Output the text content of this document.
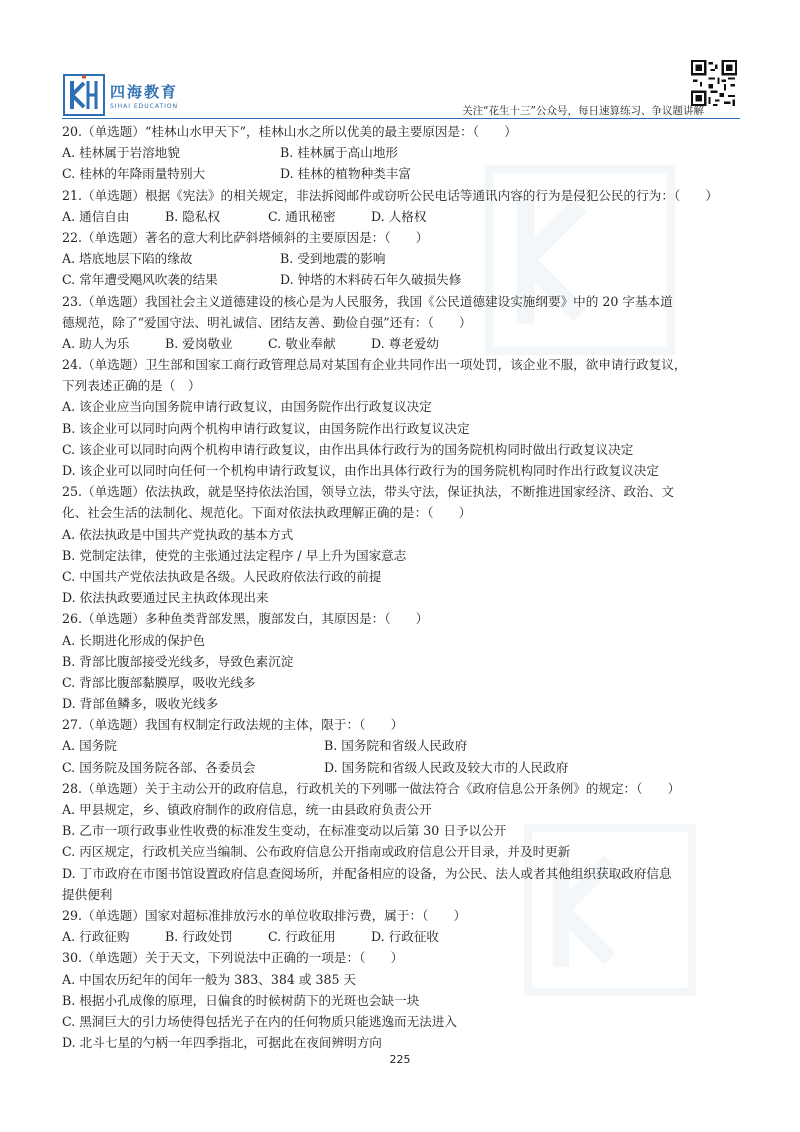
四海教育
SIHAI EDUCATION	关注“花生十三”公众号，每日速算练习、争议题讲解
20.（单选题）“桂林山水甲天下”，桂林山水之所以优美的最主要原因是：（　　）
A. 桂林属于岩溶地貌	B. 桂林属于高山地形
C. 桂林的年降雨量特别大	D. 桂林的植物种类丰富
21.（单选题）根据《宪法》的相关规定，非法拆阅邮件或窃听公民电话等通讯内容的行为是侵犯公民的行为：（　　）
A. 通信自由	B. 隐私权	C. 通讯秘密	D. 人格权
22.（单选题）著名的意大利比萨斜塔倾斜的主要原因是：（　　）
A. 塔底地层下陷的缘故	B. 受到地震的影响
C. 常年遭受飓风吹袭的结果	D. 钟塔的木料砖石年久破损失修
23.（单选题）我国社会主义道德建设的核心是为人民服务，我国《公民道德建设实施纲要》中的 20 字基本道
德规范，除了“爱国守法、明礼诚信、团结友善、勤俭自强”还有：（　　）
A. 助人为乐	B. 爱岗敬业	C. 敬业奉献	D. 尊老爱幼
24.（单选题）卫生部和国家工商行政管理总局对某国有企业共同作出一项处罚，该企业不服，欲申请行政复议，
下列表述正确的是（　）
A. 该企业应当向国务院申请行政复议，由国务院作出行政复议决定
B. 该企业可以同时向两个机构申请行政复议，由国务院作出行政复议决定
C. 该企业可以同时向两个机构申请行政复议，由作出具体行政行为的国务院机构同时做出行政复议决定
D. 该企业可以同时向任何一个机构申请行政复议，由作出具体行政行为的国务院机构同时作出行政复议决定
25.（单选题）依法执政，就是坚持依法治国，领导立法，带头守法，保证执法，不断推进国家经济、政治、文
化、社会生活的法制化、规范化。下面对依法执政理解正确的是：（　　）
A. 依法执政是中国共产党执政的基本方式
B. 党制定法律，使党的主张通过法定程序 / 早上升为国家意志
C. 中国共产党依法执政是各级。人民政府依法行政的前提
D. 依法执政要通过民主执政体现出来
26.（单选题）多种鱼类背部发黑，腹部发白，其原因是：（　　）
A. 长期进化形成的保护色
B. 背部比腹部接受光线多，导致色素沉淀
C. 背部比腹部黏膜厚，吸收光线多
D. 背部鱼鳞多，吸收光线多
27.（单选题）我国有权制定行政法规的主体，限于：（　　）
A. 国务院	B. 国务院和省级人民政府
C. 国务院及国务院各部、各委员会	D. 国务院和省级人民政及较大市的人民政府
28.（单选题）关于主动公开的政府信息，行政机关的下列哪一做法符合《政府信息公开条例》的规定：（　　）
A. 甲县规定，乡、镇政府制作的政府信息，统一由县政府负责公开
B. 乙市一项行政事业性收费的标准发生变动，在标准变动以后第 30 日予以公开
C. 丙区规定，行政机关应当编制、公布政府信息公开指南或政府信息公开目录，并及时更新
D. 丁市政府在市图书馆设置政府信息查阅场所，并配备相应的设备，为公民、法人或者其他组织获取政府信息
提供便利
29.（单选题）国家对超标准排放污水的单位收取排污费，属于：（　　）
A. 行政征购	B. 行政处罚	C. 行政征用	D. 行政征收
30.（单选题）关于天文，下列说法中正确的一项是：（　　）
A. 中国农历纪年的闰年一般为 383、384 或 385 天
B. 根据小孔成像的原理，日偏食的时候树荫下的光斑也会缺一块
C. 黑洞巨大的引力场使得包括光子在内的任何物质只能逃逸而无法进入
D. 北斗七星的勺柄一年四季指北，可据此在夜间辨明方向
225
